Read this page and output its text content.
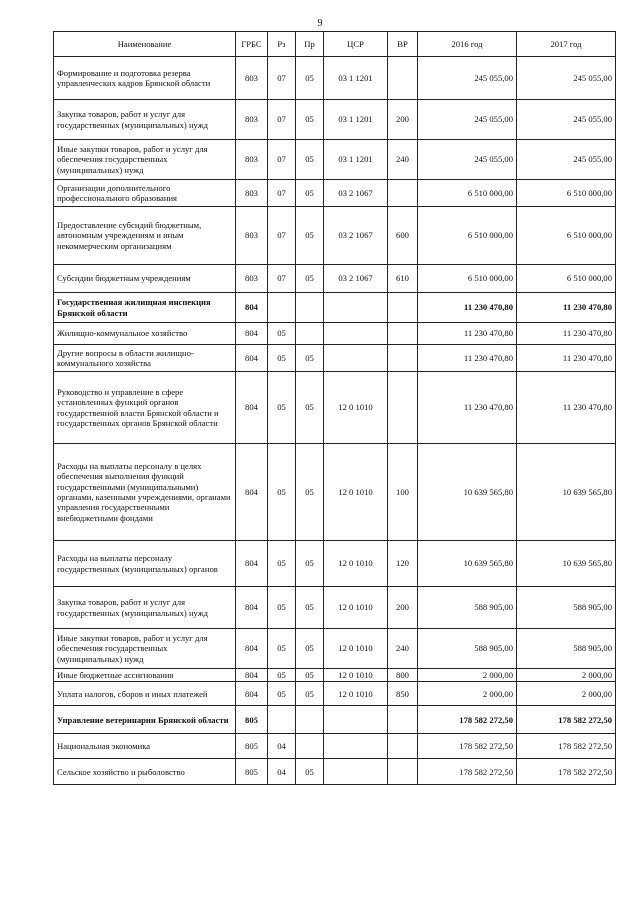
9
Наименование	ГРБС	Рз	Пр	ЦСР	ВР	2016 год	2017 год
Формирование и подготовка резерва управленческих кадров Брянской области	803	07	05	03 1 1201		245 055,00	245 055,00
Закупка товаров, работ и услуг для государственных (муниципальных) нужд	803	07	05	03 1 1201	200	245 055,00	245 055,00
Иные закупки товаров, работ и услуг для обеспечения государственных (муниципальных) нужд	803	07	05	03 1 1201	240	245 055,00	245 055,00
Организации дополнительного профессионального образования	803	07	05	03 2 1067		6 510 000,00	6 510 000,00
Предоставление субсидий бюджетным, автономным учреждениям и иным некоммерческим организациям	803	07	05	03 2 1067	600	6 510 000,00	6 510 000,00
Субсидии бюджетным учреждениям	803	07	05	03 2 1067	610	6 510 000,00	6 510 000,00
Государственная жилищная инспекция Брянской области	804					11 230 470,80	11 230 470,80
Жилищно-коммунальное хозяйство	804	05				11 230 470,80	11 230 470,80
Другие вопросы в области жилищно-коммунального хозяйства	804	05	05			11 230 470,80	11 230 470,80
Руководство и управление в сфере установленных функций органов государственной власти Брянской области и государственных органов Брянской области	804	05	05	12 0 1010		11 230 470,80	11 230 470,80
Расходы на выплаты персоналу в целях обеспечения выполнения функций государственными (муниципальными) органами, казенными учреждениями, органами управления государственными внебюджетными фондами	804	05	05	12 0 1010	100	10 639 565,80	10 639 565,80
Расходы на выплаты персоналу государственных (муниципальных) органов	804	05	05	12 0 1010	120	10 639 565,80	10 639 565,80
Закупка товаров, работ и услуг для государственных (муниципальных) нужд	804	05	05	12 0 1010	200	588 905,00	588 905,00
Иные закупки товаров, работ и услуг для обеспечения государственных (муниципальных) нужд	804	05	05	12 0 1010	240	588 905,00	588 905,00
Иные бюджетные ассигнования	804	05	05	12 0 1010	800	2 000,00	2 000,00
Уплата налогов, сборов и иных платежей	804	05	05	12 0 1010	850	2 000,00	2 000,00
Управление ветеринарии Брянской области	805					178 582 272,50	178 582 272,50
Национальная экономика	805	04				178 582 272,50	178 582 272,50
Сельское хозяйство и рыболовство	805	04	05			178 582 272,50	178 582 272,50
